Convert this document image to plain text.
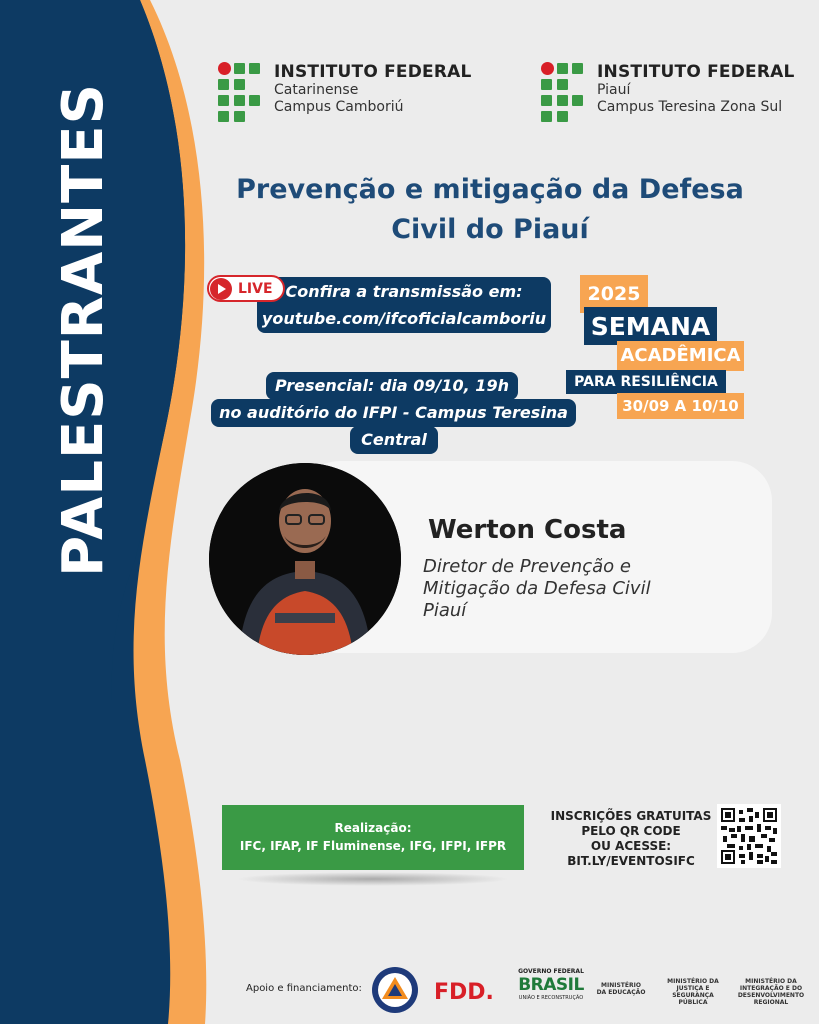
PALESTRANTES
INSTITUTO FEDERAL
Catarinense
Campus Camboriú
INSTITUTO FEDERAL
Piauí
Campus Teresina Zona Sul
Prevenção e mitigação da Defesa
Civil do Piauí
Confira a transmissão em:
youtube.com/ifcoficialcamboriu
LIVE
Presencial: dia 09/10, 19h
no auditório do IFPI - Campus Teresina
Central
2025
SEMANA
ACADÊMICA
PARA RESILIÊNCIA
30/09 A 10/10
Werton Costa
Diretor de Prevenção e
Mitigação da Defesa Civil
Piauí
Realização:
IFC, IFAP, IF Fluminense, IFG, IFPI, IFPR
INSCRIÇÕES GRATUITAS
PELO QR CODE
OU ACESSE:
BIT.LY/EVENTOSIFC
Apoio e financiamento:	FDD.
GOVERNO FEDERAL
BRASIL
UNIÃO E RECONSTRUÇÃO
MINISTÉRIO DA EDUCAÇÃO
MINISTÉRIO DA JUSTIÇA E SEGURANÇA PÚBLICA
MINISTÉRIO DA INTEGRAÇÃO E DO DESENVOLVIMENTO REGIONAL
